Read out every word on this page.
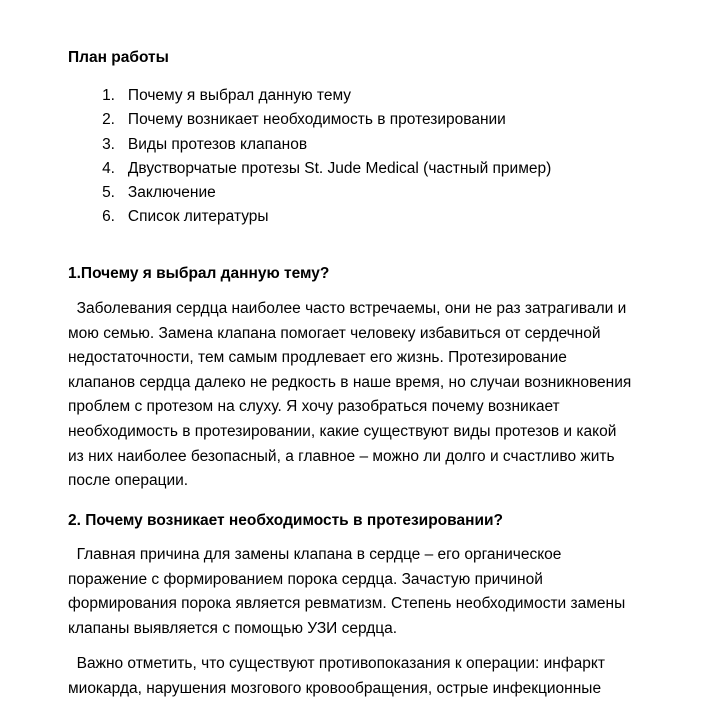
План работы
1. Почему я выбрал данную тему
2. Почему возникает необходимость в протезировании
3. Виды протезов клапанов
4. Двустворчатые протезы St. Jude Medical (частный пример)
5. Заключение
6. Список литературы
1.Почему я выбрал данную тему?

Заболевания сердца наиболее часто встречаемы, они не раз затрагивали и
мою семью. Замена клапана помогает человеку избавиться от сердечной
недостаточности, тем самым продлевает его жизнь. Протезирование
клапанов сердца далеко не редкость в наше время, но случаи возникновения
проблем с протезом на слуху. Я хочу разобраться почему возникает
необходимость в протезировании, какие существуют виды протезов и какой
из них наиболее безопасный, а главное – можно ли долго и счастливо жить
после операции.

2. Почему возникает необходимость в протезировании?

Главная причина для замены клапана в сердце – его органическое
поражение с формированием порока сердца. Зачастую причиной
формирования порока является ревматизм. Степень необходимости замены
клапаны выявляется с помощью УЗИ сердца.

Важно отметить, что существуют противопоказания к операции: инфаркт
миокарда, нарушения мозгового кровообращения, острые инфекционные
